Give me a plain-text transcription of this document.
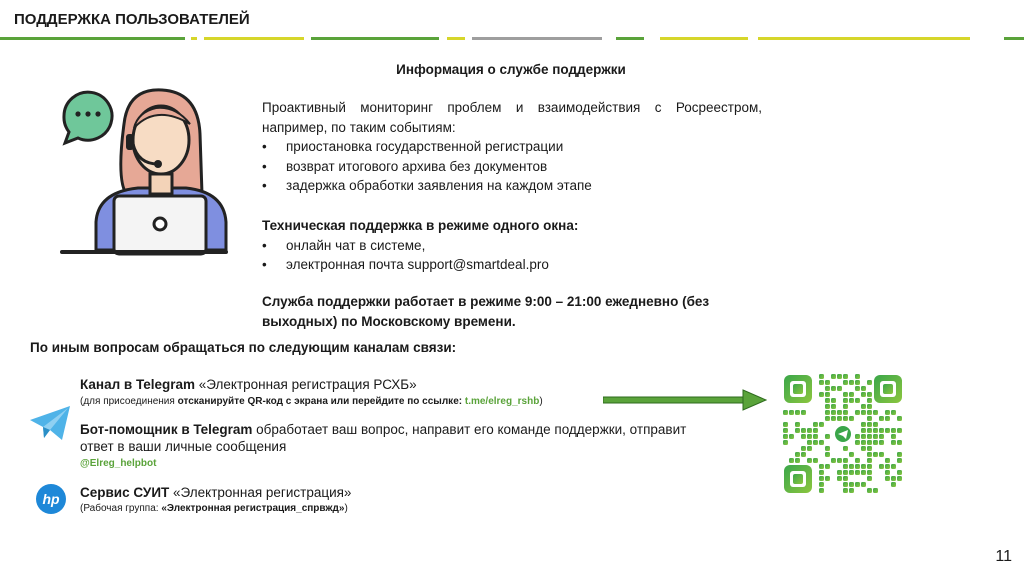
ПОДДЕРЖКА ПОЛЬЗОВАТЕЛЕЙ
Информация о службе поддержки
Проактивный мониторинг проблем и взаимодействия с Росреестром, например, по таким событиям:
•	приостановка государственной регистрации
•	возврат итогового архива без документов
•	задержка обработки заявления на каждом этапе
Техническая поддержка в режиме одного окна:
•	онлайн чат в системе,
•	электронная почта support@smartdeal.pro
Служба поддержки работает в режиме 9:00 – 21:00 ежедневно (без выходных) по Московскому времени.
По иным вопросам обращаться по следующим каналам связи:
Канал в Telegram «Электронная регистрация РСХБ»
(для присоединения отсканируйте QR-код с экрана или перейдите по ссылке: t.me/elreg_rshb)
Бот-помощник в Telegram обработает ваш вопрос, направит его команде поддержки, отправит ответ в ваши личные сообщения
@Elreg_helpbot
hp Сервис СУИТ «Электронная регистрация»
(Рабочая группа: «Электронная регистрация_спрвжд»)
11
